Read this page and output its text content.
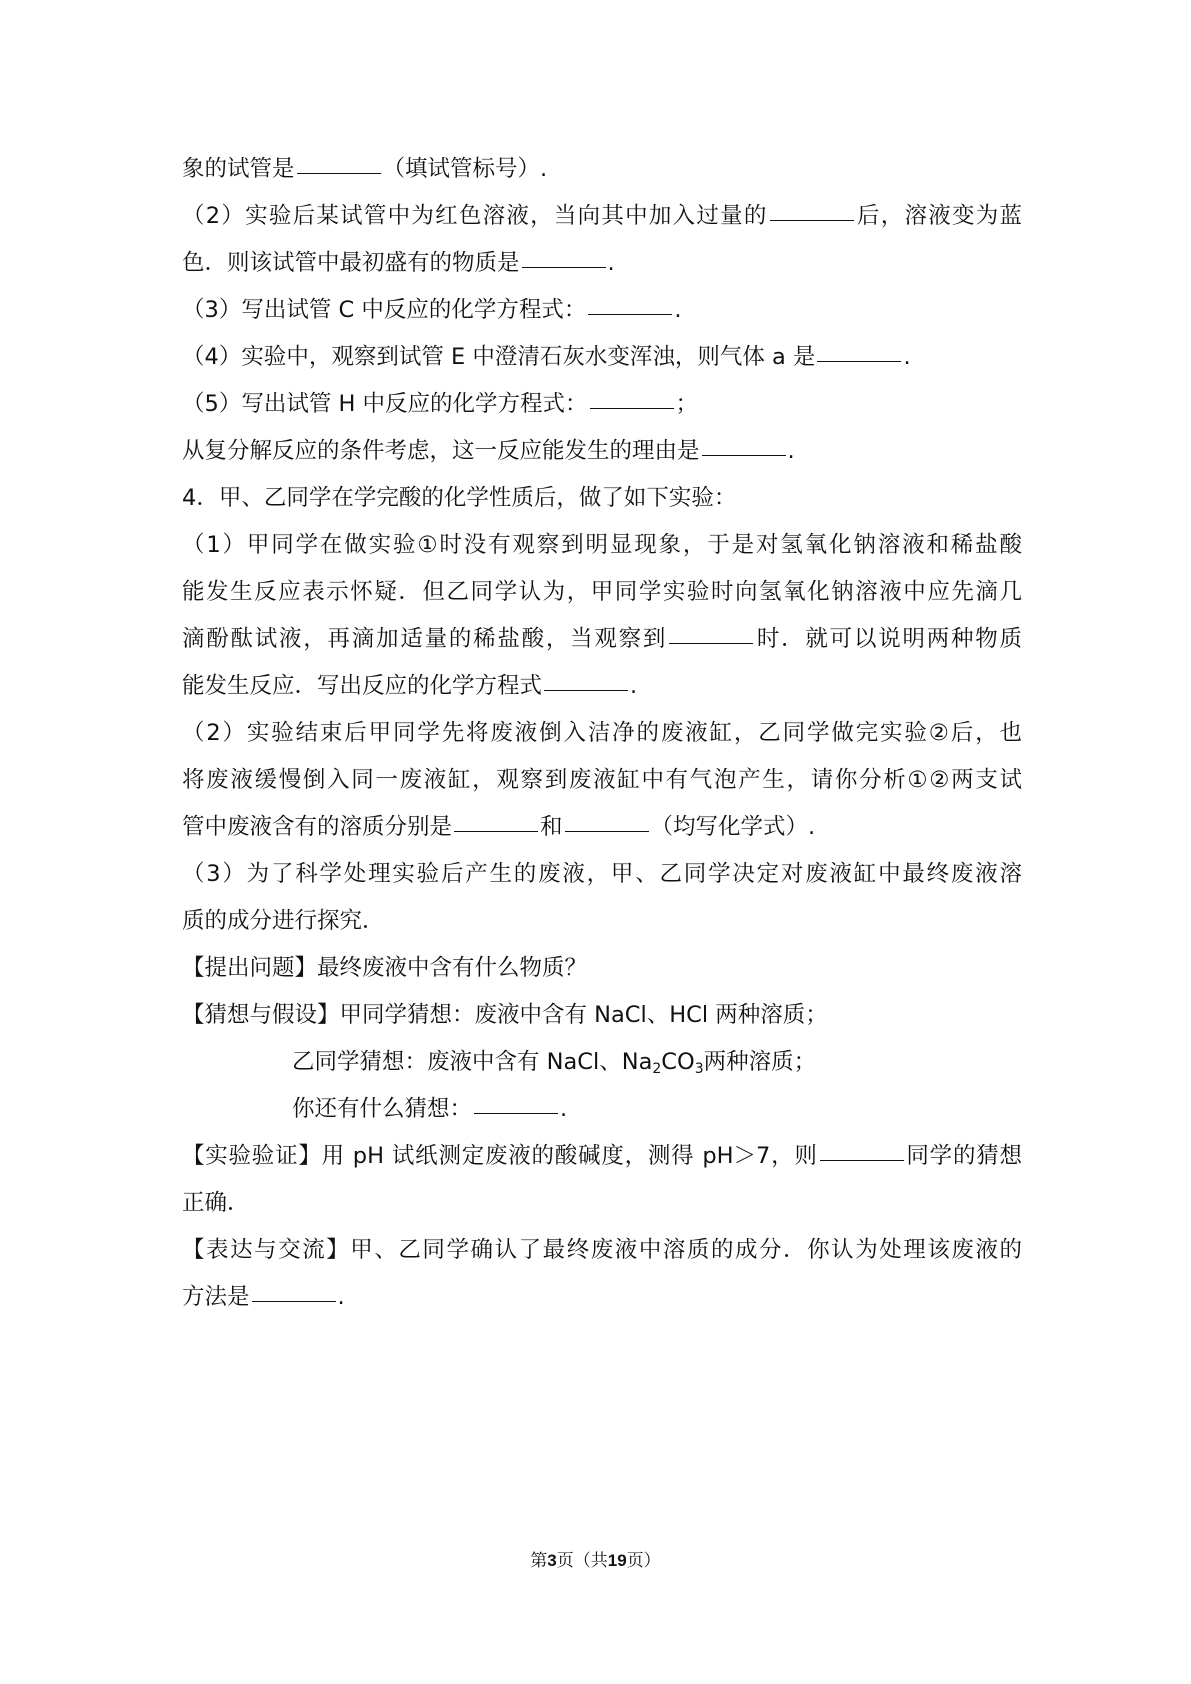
象的试管是	（填试管标号）.
（2）实验后某试管中为红色溶液，当向其中加入过量的	后，溶液变为蓝
色．则该试管中最初盛有的物质是	.
（3）写出试管 C 中反应的化学方程式：	.
（4）实验中，观察到试管 E 中澄清石灰水变浑浊，则气体 a 是	.
（5）写出试管 H 中反应的化学方程式：	；
从复分解反应的条件考虑，这一反应能发生的理由是	.
4．甲、乙同学在学完酸的化学性质后，做了如下实验：
（1）甲同学在做实验①时没有观察到明显现象，于是对氢氧化钠溶液和稀盐酸
能发生反应表示怀疑．但乙同学认为，甲同学实验时向氢氧化钠溶液中应先滴几
滴酚酞试液，再滴加适量的稀盐酸，当观察到	时．就可以说明两种物质
能发生反应．写出反应的化学方程式	.
（2）实验结束后甲同学先将废液倒入洁净的废液缸，乙同学做完实验②后，也
将废液缓慢倒入同一废液缸，观察到废液缸中有气泡产生，请你分析①②两支试
管中废液含有的溶质分别是	和	（均写化学式）.
（3）为了科学处理实验后产生的废液，甲、乙同学决定对废液缸中最终废液溶
质的成分进行探究．
【提出问题】最终废液中含有什么物质？
【猜想与假设】甲同学猜想：废液中含有 NaCl、HCl 两种溶质；
乙同学猜想：废液中含有 NaCl、$Na_2CO_3$两种溶质；
你还有什么猜想：	.
【实验验证】用 pH 试纸测定废液的酸碱度，测得 pH＞7，则	同学的猜想
正确．
【表达与交流】甲、乙同学确认了最终废液中溶质的成分．你认为处理该废液的
方法是	.
第3页（共19页）
